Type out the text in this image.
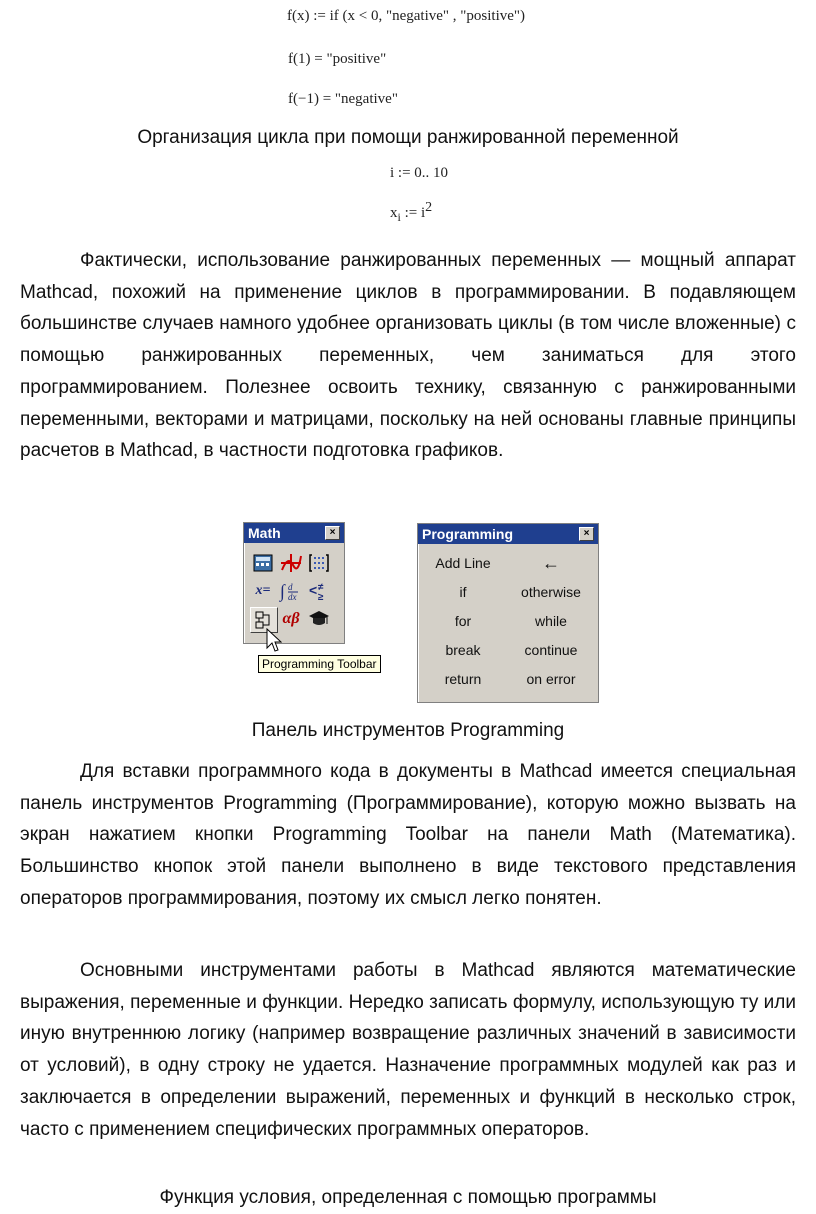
f(x) := if (x < 0, "negative" , "positive")
f(1) = "positive"
f(−1) = "negative"
Организация цикла при помощи ранжированной переменной
i := 0.. 10
$x_i$ := $i^2$

Фактически, использование ранжированных переменных — мощный аппарат Mathcad, похожий на применение циклов в программировании. В подавляющем большинстве случаев намного удобнее организовать циклы (в том числе вложенные) с помощью ранжированных переменных, чем заниматься для этого программированием. Полезнее освоить технику, связанную с ранжированными переменными, векторами и матрицами, поскольку на ней основаны главные принципы расчетов в Mathcad, в частности подготовка графиков.

Math	×
x= ∫ d
dx < ≠
≥
αβ
Programming Toolbar
Programming	×
Add Line	←
if	otherwise
for	while
break	continue
return	on error
Панель инструментов Programming

Для вставки программного кода в документы в Mathcad имеется специальная панель инструментов Programming (Программирование), которую можно вызвать на экран нажатием кнопки Programming Toolbar на панели Math (Математика). Большинство кнопок этой панели выполнено в виде текстового представления операторов программирования, поэтому их смысл легко понятен.

Основными инструментами работы в Mathcad являются математические выражения, переменные и функции. Нередко записать формулу, использующую ту или иную внутреннюю логику (например возвращение различных значений в зависимости от условий), в одну строку не удается. Назначение программных модулей как раз и заключается в определении выражений, переменных и функций в несколько строк, часто с применением специфических программных операторов.

Функция условия, определенная с помощью программы
